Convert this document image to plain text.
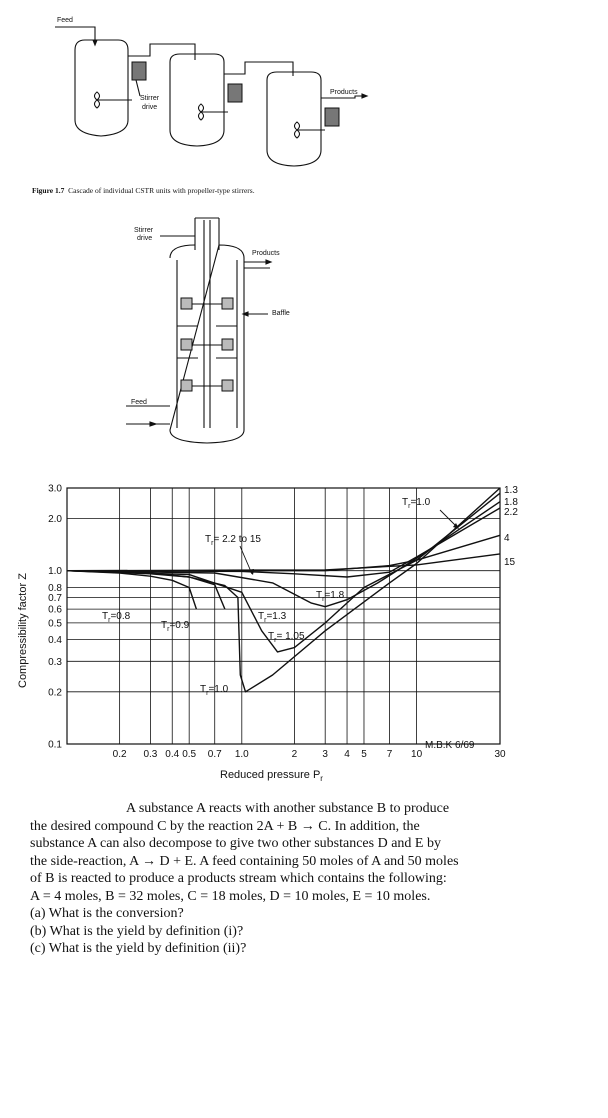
Feed
Stirrer
drive
Products
Figure 1.7 Cascade of individual CSTR units with propeller-type stirrers.
Stirrer
drive
Products
Baffle
Feed
0.2 0.3 0.4 0.5 0.7 1.0	2	3 4 5 7 10	30
3.0
2.0
1.0
0.8
0.7
0.6
0.5
0.4
0.3
0.2
0.1
1.3
1.8
2.2
4
15
Compressibility factor Z
Reduced pressure $P_r$
$T_r=1.0$
$T_r= 2.2$ to 15
$T_r=1.8$
$T_r=0.8$
$T_r=0.9$
$T_r=1.3$
$T_r= 1.05$
$T_r=1.0$
M.B.K 6/69

A substance A reacts with another substance B to produce

the desired compound C by the reaction 2A + B → C. In addition, the

substance A can also decompose to give two other substances D and E by

the side-reaction, A → D + E. A feed containing 50 moles of A and 50 moles

of B is reacted to produce a products stream which contains the following:

A = 4 moles, B = 32 moles, C = 18 moles, D = 10 moles, E = 10 moles.

(a) What is the conversion?

(b) What is the yield by definition (i)?

(c) What is the yield by definition (ii)?
